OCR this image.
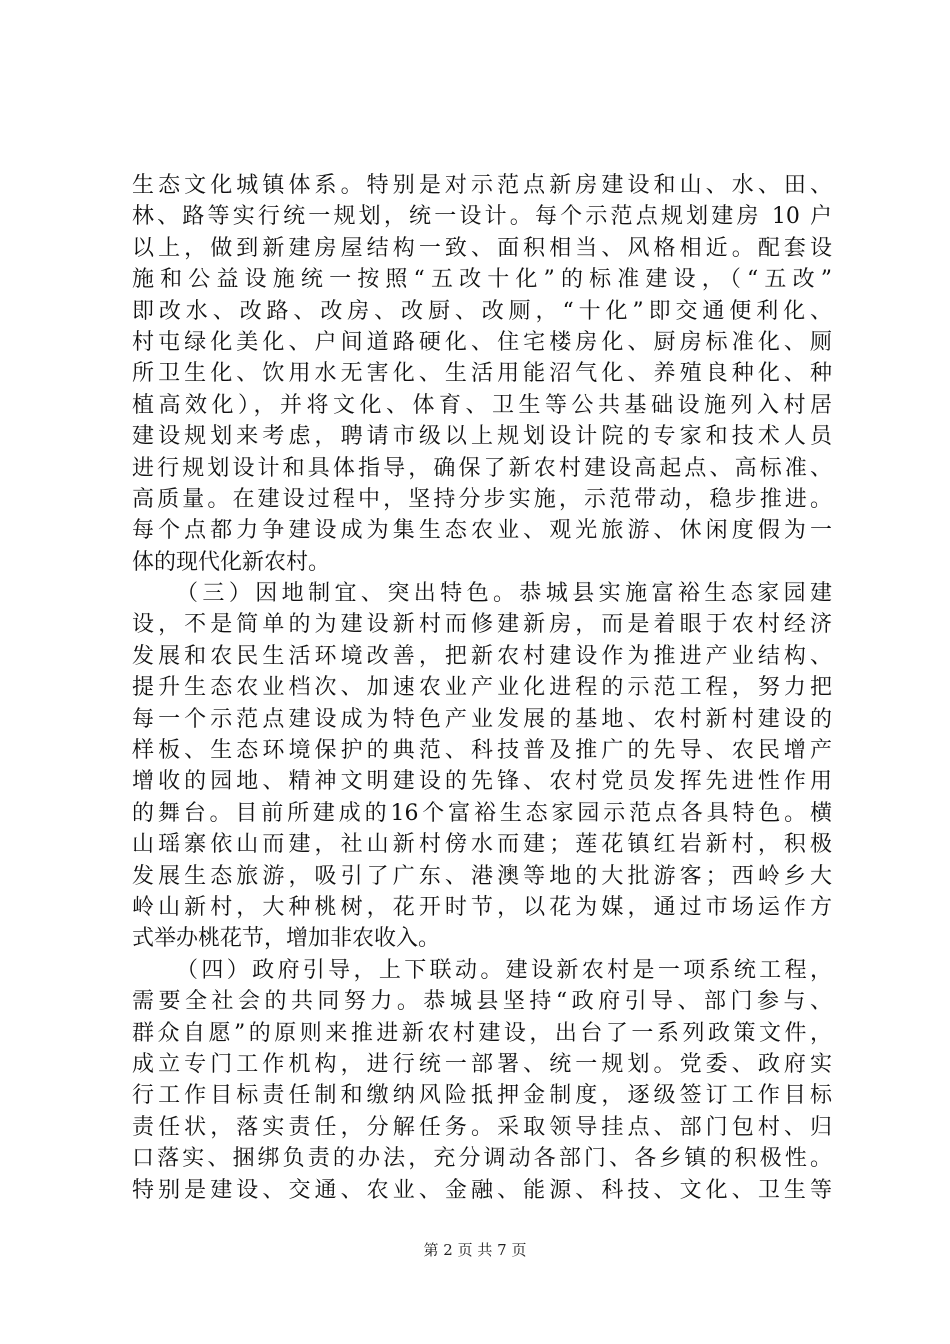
生态文化城镇体系。特别是对示范点新房建设和山、水、田、
林、路等实行统一规划，统一设计。每个示范点规划建房 10 户
以上，做到新建房屋结构一致、面积相当、风格相近。配套设
施和公益设施统一按照“五改十化”的标准建设，（“五改”
即改水、改路、改房、改厨、改厕，“十化”即交通便利化、
村屯绿化美化、户间道路硬化、住宅楼房化、厨房标准化、厕
所卫生化、饮用水无害化、生活用能沼气化、养殖良种化、种
植高效化），并将文化、体育、卫生等公共基础设施列入村居
建设规划来考虑，聘请市级以上规划设计院的专家和技术人员
进行规划设计和具体指导，确保了新农村建设高起点、高标准、
高质量。在建设过程中，坚持分步实施，示范带动，稳步推进。
每个点都力争建设成为集生态农业、观光旅游、休闲度假为一
体的现代化新农村。
（三）因地制宜、突出特色。恭城县实施富裕生态家园建
设，不是简单的为建设新村而修建新房，而是着眼于农村经济
发展和农民生活环境改善，把新农村建设作为推进产业结构、
提升生态农业档次、加速农业产业化进程的示范工程，努力把
每一个示范点建设成为特色产业发展的基地、农村新村建设的
样板、生态环境保护的典范、科技普及推广的先导、农民增产
增收的园地、精神文明建设的先锋、农村党员发挥先进性作用
的舞台。目前所建成的16个富裕生态家园示范点各具特色。横
山瑶寨依山而建，社山新村傍水而建；莲花镇红岩新村，积极
发展生态旅游，吸引了广东、港澳等地的大批游客；西岭乡大
岭山新村，大种桃树，花开时节，以花为媒，通过市场运作方
式举办桃花节，增加非农收入。
（四）政府引导，上下联动。建设新农村是一项系统工程，
需要全社会的共同努力。恭城县坚持“政府引导、部门参与、
群众自愿”的原则来推进新农村建设，出台了一系列政策文件，
成立专门工作机构，进行统一部署、统一规划。党委、政府实
行工作目标责任制和缴纳风险抵押金制度，逐级签订工作目标
责任状，落实责任，分解任务。采取领导挂点、部门包村、归
口落实、捆绑负责的办法，充分调动各部门、各乡镇的积极性。
特别是建设、交通、农业、金融、能源、科技、文化、卫生等
第 2 页 共 7 页
